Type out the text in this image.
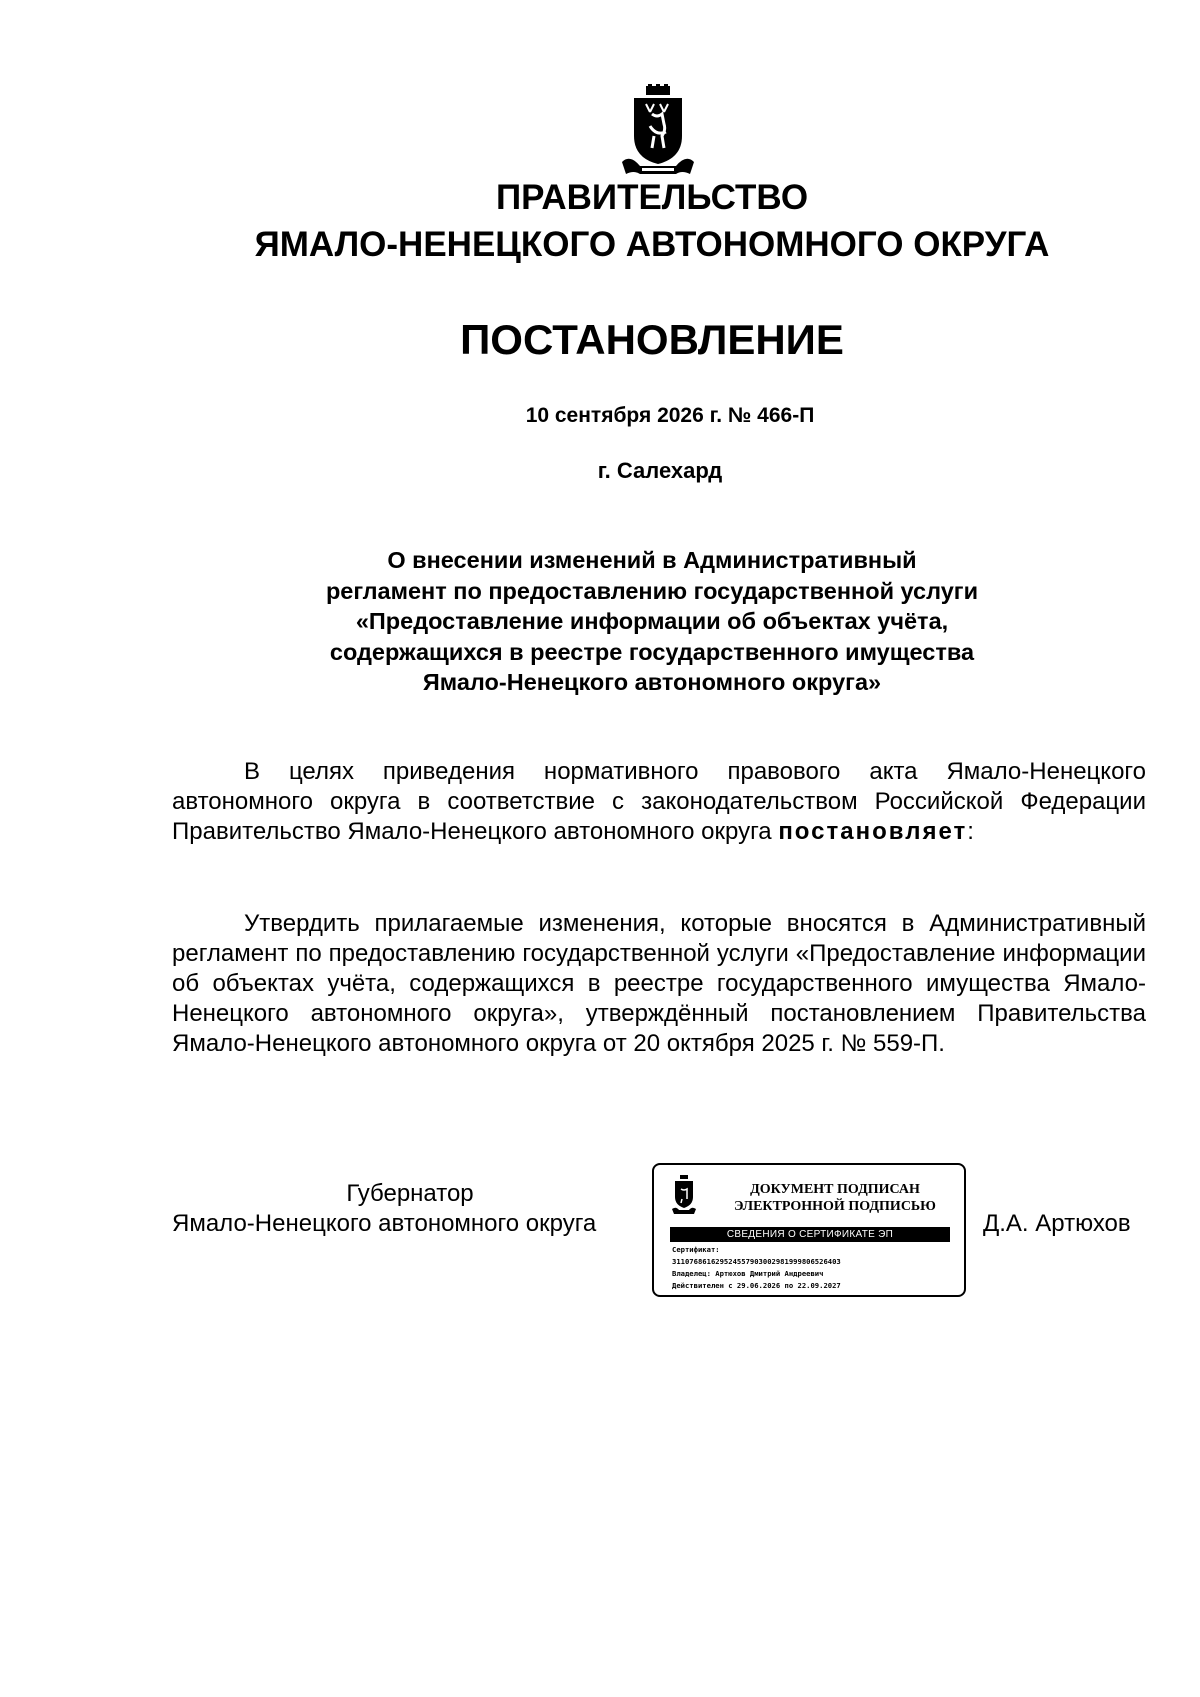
ПРАВИТЕЛЬСТВО
ЯМАЛО-НЕНЕЦКОГО АВТОНОМНОГО ОКРУГА
ПОСТАНОВЛЕНИЕ
10 сентября 2026 г. № 466-П
г. Салехард
О внесении изменений в Административный
регламент по предоставлению государственной услуги
«Предоставление информации об объектах учёта,
содержащихся в реестре государственного имущества
Ямало-Ненецкого автономного округа»
В целях приведения нормативного правового акта Ямало-Ненецкого автономного округа в соответствие с законодательством Российской Федерации Правительство Ямало-Ненецкого автономного округа постановляет:
Утвердить прилагаемые изменения, которые вносятся в Административный регламент по предоставлению государственной услуги «Предоставление информации об объектах учёта, содержащихся в реестре государственного имущества Ямало-Ненецкого автономного округа», утверждённый постановлением Правительства Ямало-Ненецкого автономного округа от 20 октября 2025 г. № 559-П.
Губернатор
Ямало-Ненецкого автономного округа
ДОКУМЕНТ ПОДПИСАН
ЭЛЕКТРОННОЙ ПОДПИСЬЮ
СВЕДЕНИЯ О СЕРТИФИКАТЕ ЭП
Сертификат:
311076861629524557903002981999806526403
Владелец: Артюхов Дмитрий Андреевич
Действителен с 29.06.2026 по 22.09.2027
Д.А. Артюхов
